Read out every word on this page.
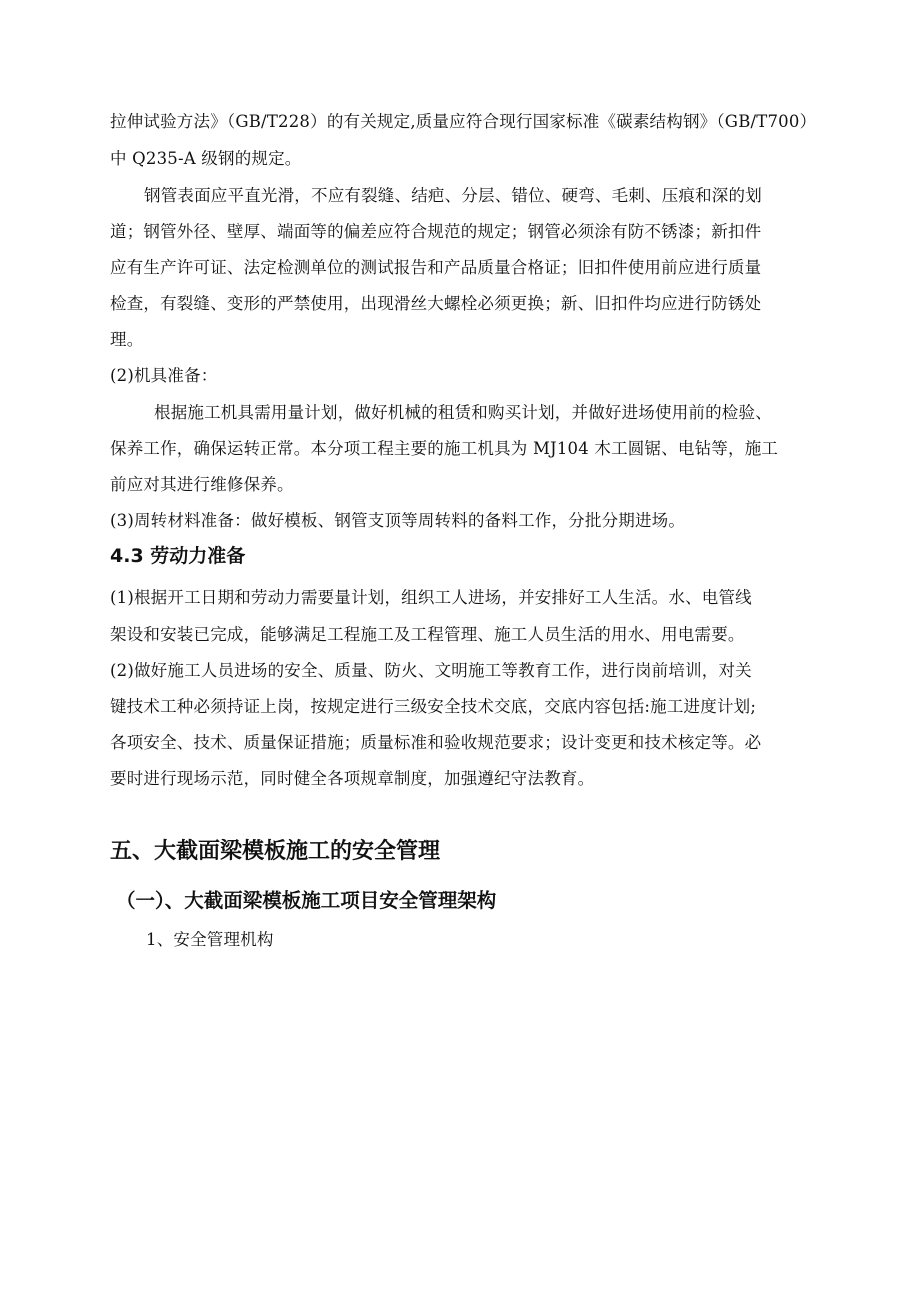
拉伸试验方法》（GB/T228）的有关规定,质量应符合现行国家标准《碳素结构钢》（GB/T700）
中 Q235-A 级钢的规定。
钢管表面应平直光滑，不应有裂缝、结疤、分层、错位、硬弯、毛刺、压痕和深的划
道；钢管外径、壁厚、端面等的偏差应符合规范的规定；钢管必须涂有防不锈漆；新扣件
应有生产许可证、法定检测单位的测试报告和产品质量合格证；旧扣件使用前应进行质量
检查，有裂缝、变形的严禁使用，出现滑丝大螺栓必须更换；新、旧扣件均应进行防锈处
理。
(2)机具准备：
根据施工机具需用量计划，做好机械的租赁和购买计划，并做好进场使用前的检验、
保养工作，确保运转正常。本分项工程主要的施工机具为 MJ104 木工圆锯、电钻等，施工
前应对其进行维修保养。
(3)周转材料准备：做好模板、钢管支顶等周转料的备料工作，分批分期进场。
4.3 劳动力准备
(1)根据开工日期和劳动力需要量计划，组织工人进场，并安排好工人生活。水、电管线
架设和安装已完成，能够满足工程施工及工程管理、施工人员生活的用水、用电需要。
(2)做好施工人员进场的安全、质量、防火、文明施工等教育工作，进行岗前培训，对关
键技术工种必须持证上岗，按规定进行三级安全技术交底，交底内容包括:施工进度计划;
各项安全、技术、质量保证措施；质量标准和验收规范要求；设计变更和技术核定等。必
要时进行现场示范，同时健全各项规章制度，加强遵纪守法教育。
五、大截面梁模板施工的安全管理
（一）、大截面梁模板施工项目安全管理架构
1、安全管理机构
